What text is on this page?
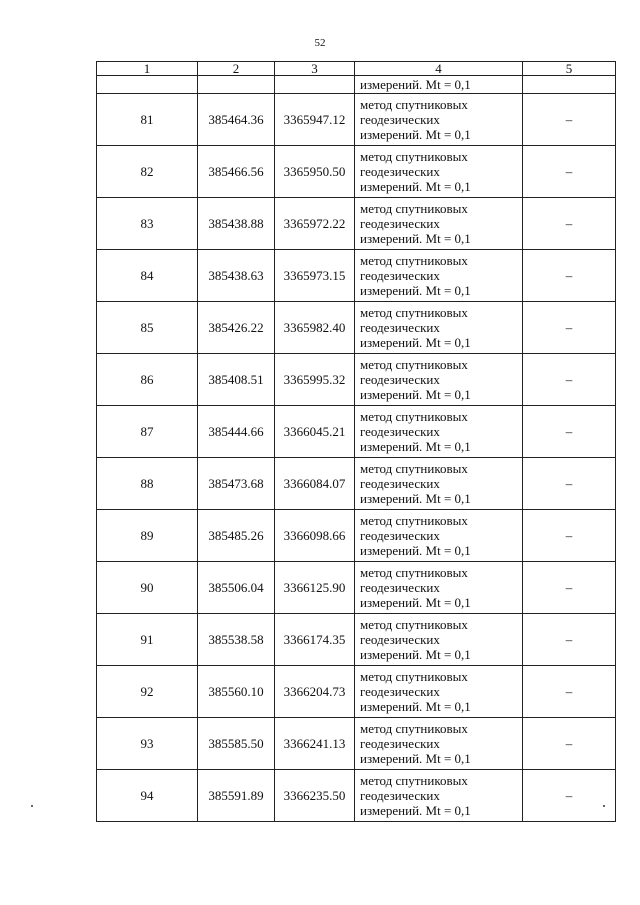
52
1	2	3	4	5
			измерений. Mt = 0,1	
81	385464.36	3365947.12	метод спутниковых
геодезических
измерений. Mt = 0,1	–
82	385466.56	3365950.50	метод спутниковых
геодезических
измерений. Mt = 0,1	–
83	385438.88	3365972.22	метод спутниковых
геодезических
измерений. Mt = 0,1	–
84	385438.63	3365973.15	метод спутниковых
геодезических
измерений. Mt = 0,1	–
85	385426.22	3365982.40	метод спутниковых
геодезических
измерений. Mt = 0,1	–
86	385408.51	3365995.32	метод спутниковых
геодезических
измерений. Mt = 0,1	–
87	385444.66	3366045.21	метод спутниковых
геодезических
измерений. Mt = 0,1	–
88	385473.68	3366084.07	метод спутниковых
геодезических
измерений. Mt = 0,1	–
89	385485.26	3366098.66	метод спутниковых
геодезических
измерений. Mt = 0,1	–
90	385506.04	3366125.90	метод спутниковых
геодезических
измерений. Mt = 0,1	–
91	385538.58	3366174.35	метод спутниковых
геодезических
измерений. Mt = 0,1	–
92	385560.10	3366204.73	метод спутниковых
геодезических
измерений. Mt = 0,1	–
93	385585.50	3366241.13	метод спутниковых
геодезических
измерений. Mt = 0,1	–
94	385591.89	3366235.50	метод спутниковых
геодезических
измерений. Mt = 0,1	–
